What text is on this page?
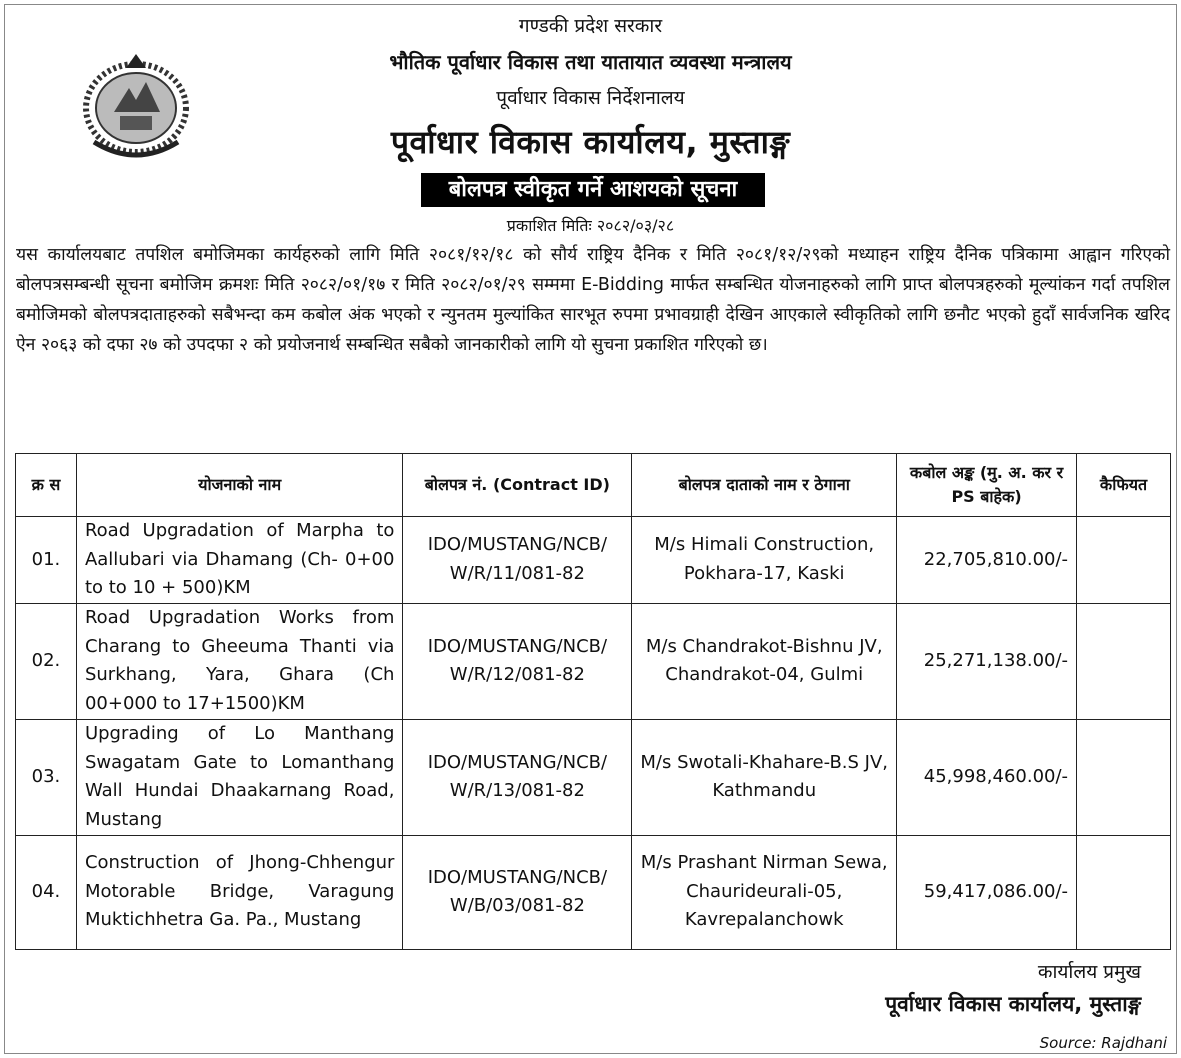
गण्डकी प्रदेश सरकार
भौतिक पूर्वाधार विकास तथा यातायात व्यवस्था मन्त्रालय
पूर्वाधार विकास निर्देशनालय
पूर्वाधार विकास कार्यालय, मुस्ताङ्ग
बोलपत्र स्वीकृत गर्ने आशयको सूचना
प्रकाशित मितिः २०८२/०३/२८
यस कार्यालयबाट तपशिल बमोजिमका कार्यहरुको लागि मिति २०८१/१२/१८ को सौर्य राष्ट्रिय दैनिक र मिति २०८१/१२/२९को मध्याहन राष्ट्रिय दैनिक पत्रिकामा आह्वान गरिएको बोलपत्रसम्बन्धी सूचना बमोजिम क्रमशः मिति २०८२/०१/१७ र मिति २०८२/०१/२९ सम्ममा E-Bidding मार्फत सम्बन्धित योजनाहरुको लागि प्राप्त बोलपत्रहरुको मूल्यांकन गर्दा तपशिल बमोजिमको बोलपत्रदाताहरुको सबैभन्दा कम कबोल अंक भएको र न्युनतम मुल्यांकित सारभूत रुपमा प्रभावग्राही देखिन आएकाले स्वीकृतिको लागि छनौट भएको हुदाँ सार्वजनिक खरिद ऐन २०६३ को दफा २७ को उपदफा २ को प्रयोजनार्थ सम्बन्धित सबैको जानकारीको लागि यो सुचना प्रकाशित गरिएको छ।
क्र स	योजनाको नाम	बोलपत्र नं. (Contract ID)	बोलपत्र दाताको नाम र ठेगाना	कबोल अङ्क (मु. अ. कर र PS बाहेक)	कैफियत
01.	Road Upgradation of Marpha to Aallubari via Dhamang (Ch- 0+00 to to 10 + 500)KM	IDO/MUSTANG/NCB/ W/R/11/081-82	M/s Himali Construction, Pokhara-17, Kaski	22,705,810.00/-	
02.	Road Upgradation Works from Charang to Gheeuma Thanti via Surkhang, Yara, Ghara (Ch 00+000 to 17+1500)KM	IDO/MUSTANG/NCB/ W/R/12/081-82	M/s Chandrakot-Bishnu JV, Chandrakot-04, Gulmi	25,271,138.00/-	
03.	Upgrading of Lo Manthang Swagatam Gate to Lomanthang Wall Hundai Dhaakarnang Road, Mustang	IDO/MUSTANG/NCB/ W/R/13/081-82	M/s Swotali-Khahare-B.S JV, Kathmandu	45,998,460.00/-	
04.	Construction of Jhong-Chhengur Motorable Bridge, Varagung Muktichhetra Ga. Pa., Mustang	IDO/MUSTANG/NCB/ W/B/03/081-82	M/s Prashant Nirman Sewa, Chaurideurali-05, Kavrepalanchowk	59,417,086.00/-	
कार्यालय प्रमुख
पूर्वाधार विकास कार्यालय, मुस्ताङ्ग
Source: Rajdhani
